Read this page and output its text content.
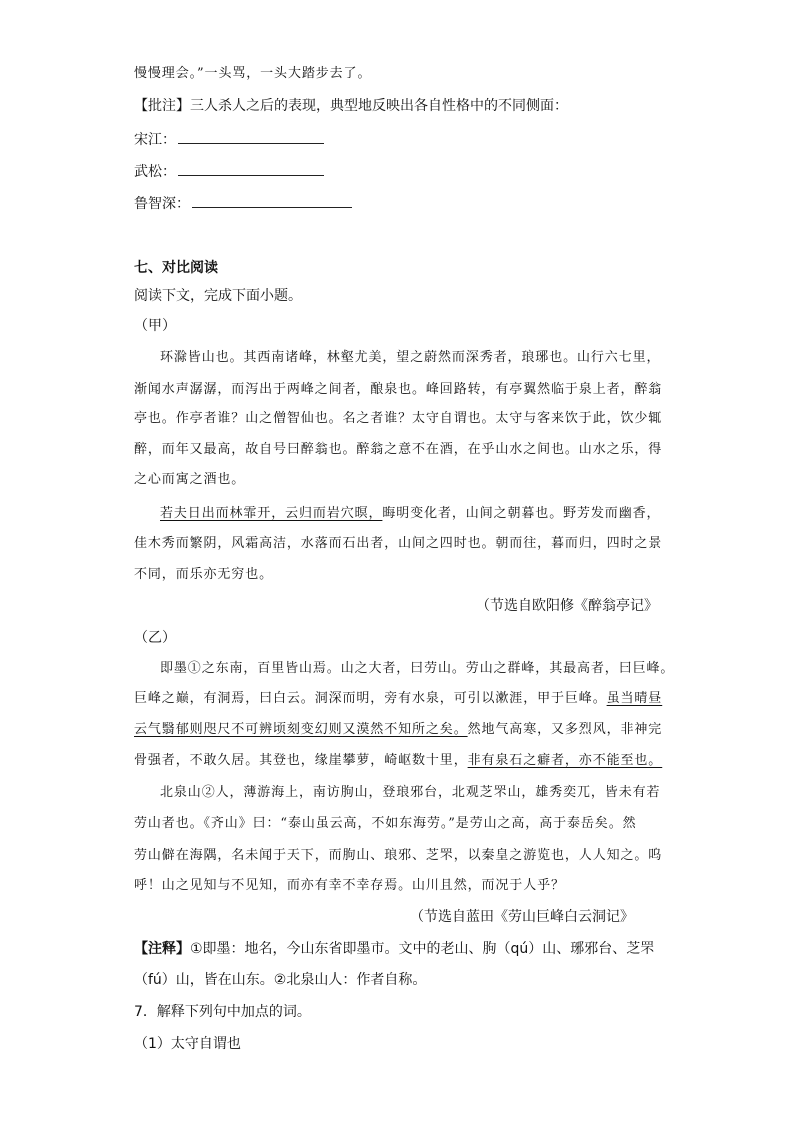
慢慢理会。”一头骂，一头大踏步去了。
【批注】三人杀人之后的表现，典型地反映出各自性格中的不同侧面：
宋江：
武松：
鲁智深：
七、对比阅读
阅读下文，完成下面小题。
（甲）
环滁皆山也。其西南诸峰，林壑尤美，望之蔚然而深秀者，琅琊也。山行六七里，
渐闻水声潺潺，而泻出于两峰之间者，酿泉也。峰回路转，有亭翼然临于泉上者，醉翁
亭也。作亭者谁？山之僧智仙也。名之者谁？太守自谓也。太守与客来饮于此，饮少辄
醉，而年又最高，故自号曰醉翁也。醉翁之意不在酒，在乎山水之间也。山水之乐，得
之心而寓之酒也。
若夫日出而林霏开，云归而岩穴暝，晦明变化者，山间之朝暮也。野芳发而幽香，
佳木秀而繁阴，风霜高洁，水落而石出者，山间之四时也。朝而往，暮而归，四时之景
不同，而乐亦无穷也。
（节选自欧阳修《醉翁亭记》
（乙）
即墨①之东南，百里皆山焉。山之大者，曰劳山。劳山之群峰，其最高者，曰巨峰。
巨峰之巅，有洞焉，曰白云。洞深而明，旁有水泉，可引以漱涯，甲于巨峰。虽当晴昼
云气翳郁则咫尺不可辨顷刻变幻则又漠然不知所之矣。然地气高寒，又多烈风，非神完
骨强者，不敢久居。其登也，缘崖攀萝，崎岖数十里，非有泉石之癖者，亦不能至也。
北泉山②人，薄游海上，南访朐山，登琅邪台，北观芝罘山，雄秀奕兀，皆未有若
劳山者也。《齐山》曰：“泰山虽云高，不如东海劳。”是劳山之高，高于泰岳矣。然
劳山僻在海隅，名未闻于天下，而朐山、琅邪、芝罘，以秦皇之游览也，人人知之。呜
呼！山之见知与不见知，而亦有幸不幸存焉。山川且然，而况于人乎？
（节选自蓝田《劳山巨峰白云洞记》
【注释】①即墨：地名，今山东省即墨市。文中的老山、朐（qú）山、琊邪台、芝罘
（fú）山，皆在山东。②北泉山人：作者自称。
7．解释下列句中加点的词。
（1）太守自谓也
